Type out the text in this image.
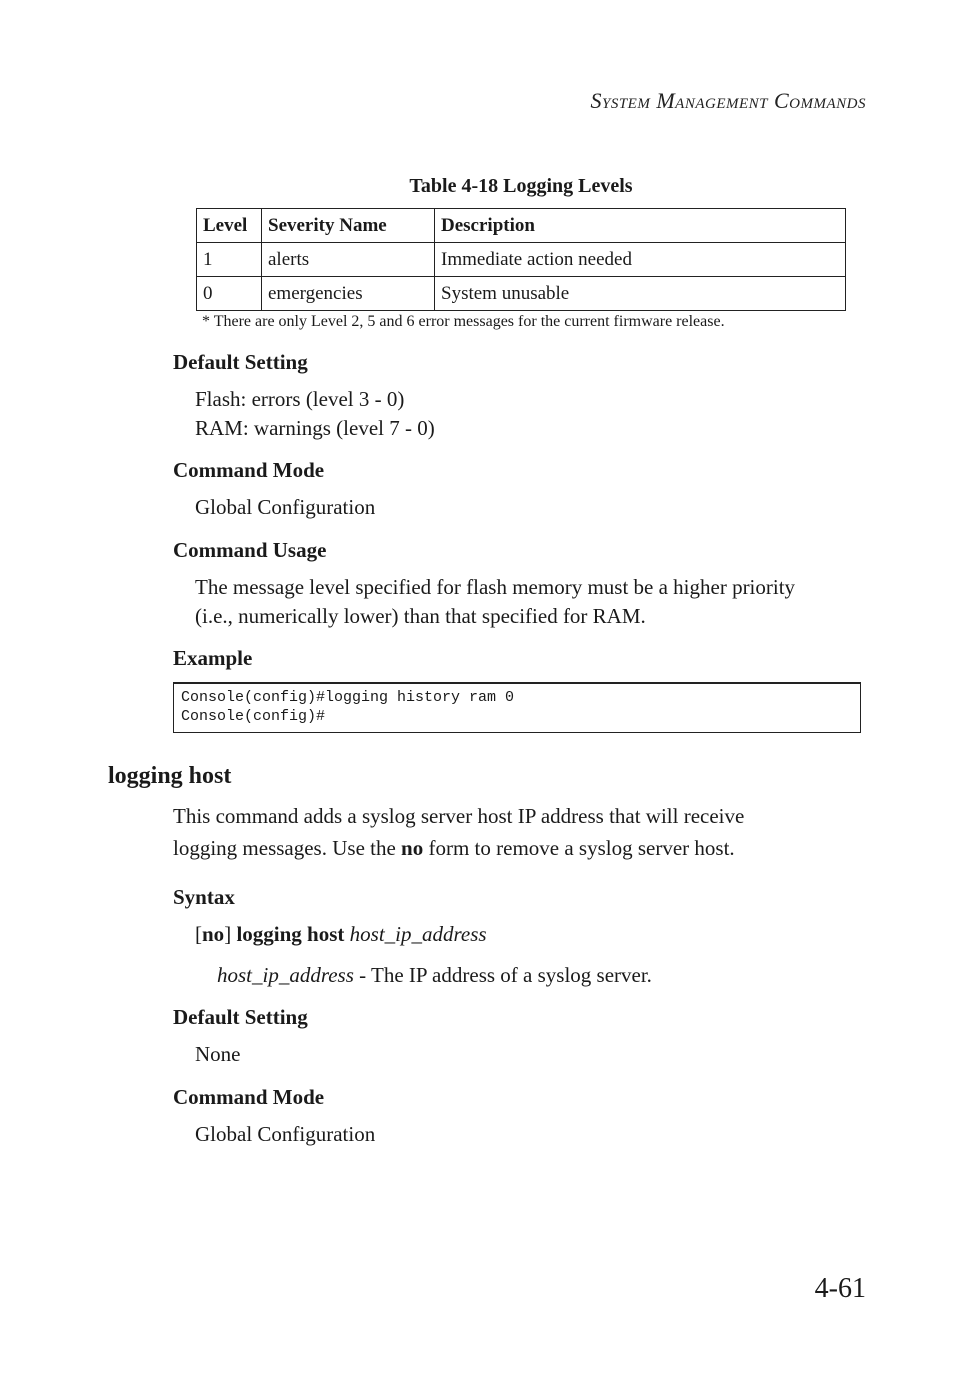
System Management Commands
Table 4-18 Logging Levels
Level	Severity Name	Description
1	alerts	Immediate action needed
0	emergencies	System unusable
* There are only Level 2, 5 and 6 error messages for the current firmware release.
Default Setting
Flash: errors (level 3 - 0)
RAM: warnings (level 7 - 0)
Command Mode
Global Configuration
Command Usage
The message level specified for flash memory must be a higher priority
(i.e., numerically lower) than that specified for RAM.
Example
Console(config)#logging history ram 0
Console(config)#
logging host
This command adds a syslog server host IP address that will receive
logging messages. Use the no form to remove a syslog server host.
Syntax
[no] logging host host_ip_address
host_ip_address - The IP address of a syslog server.
Default Setting
None
Command Mode
Global Configuration
4-61
